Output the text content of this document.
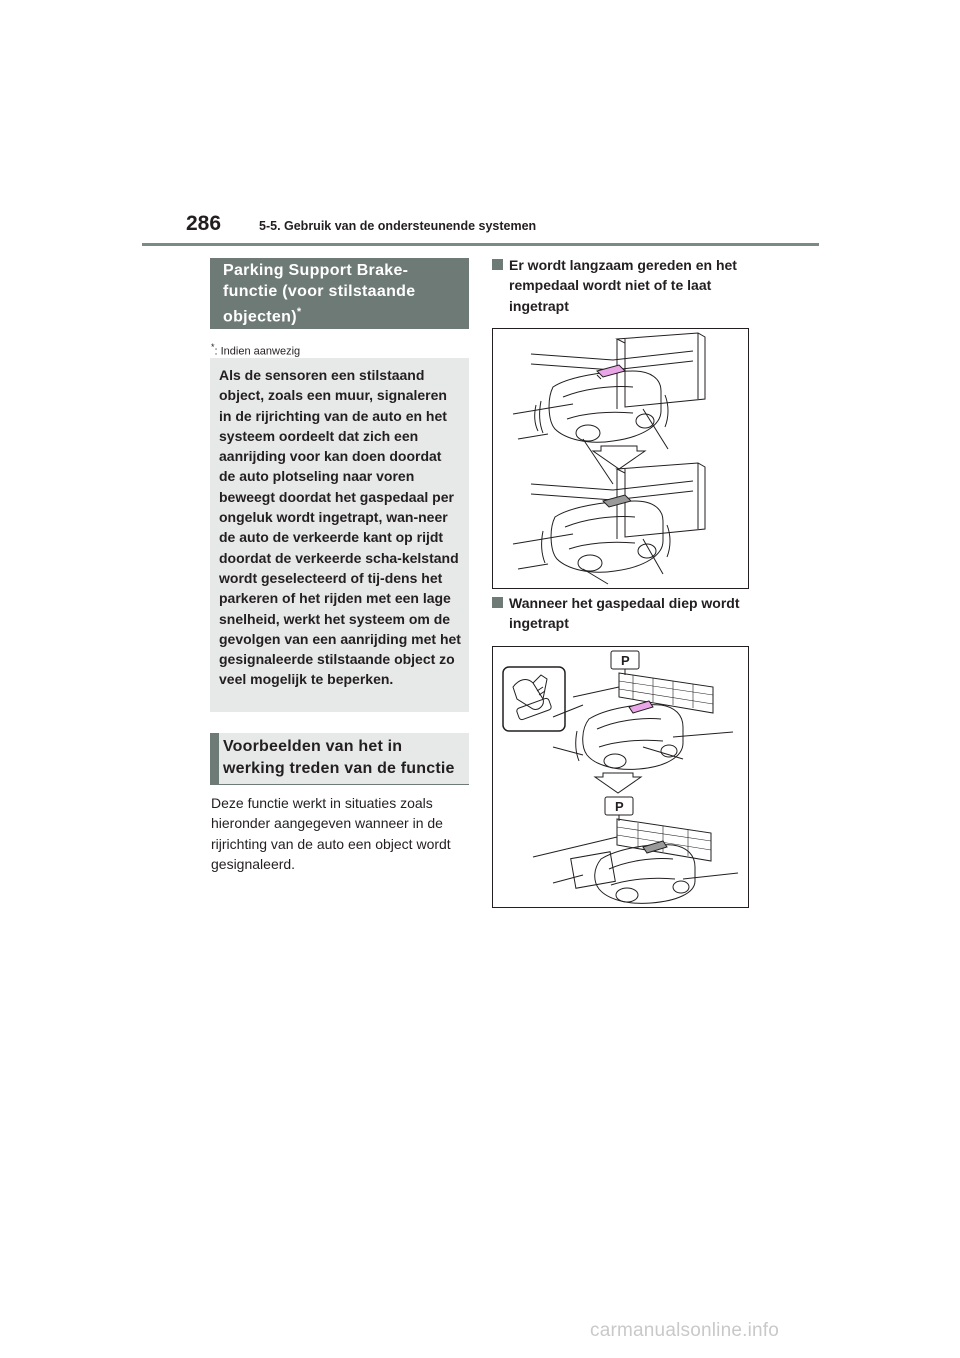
286	5-5. Gebruik van de ondersteunende systemen
Parking Support Brake-functie (voor stilstaande objecten)*
*: Indien aanwezig

Als de sensoren een stilstaand object, zoals een muur, signaleren in de rijrichting van de auto en het systeem oordeelt dat zich een aanrijding voor kan doen doordat de auto plotseling naar voren beweegt doordat het gaspedaal per ongeluk wordt ingetrapt, wan-neer de auto de verkeerde kant op rijdt doordat de verkeerde scha-kelstand wordt geselecteerd of tij-dens het parkeren of het rijden met een lage snelheid, werkt het systeem om de gevolgen van een aanrijding met het gesignaleerde stilstaande object zo veel mogelijk te beperken.

Voorbeelden van het in werking treden van de functie

Deze functie werkt in situaties zoals hieronder aangegeven wanneer in de rijrichting van de auto een object wordt gesignaleerd.

Er wordt langzaam gereden en het rempedaal wordt niet of te laat ingetrapt
Wanneer het gaspedaal diep wordt ingetrapt
P
P
carmanualsonline.info
